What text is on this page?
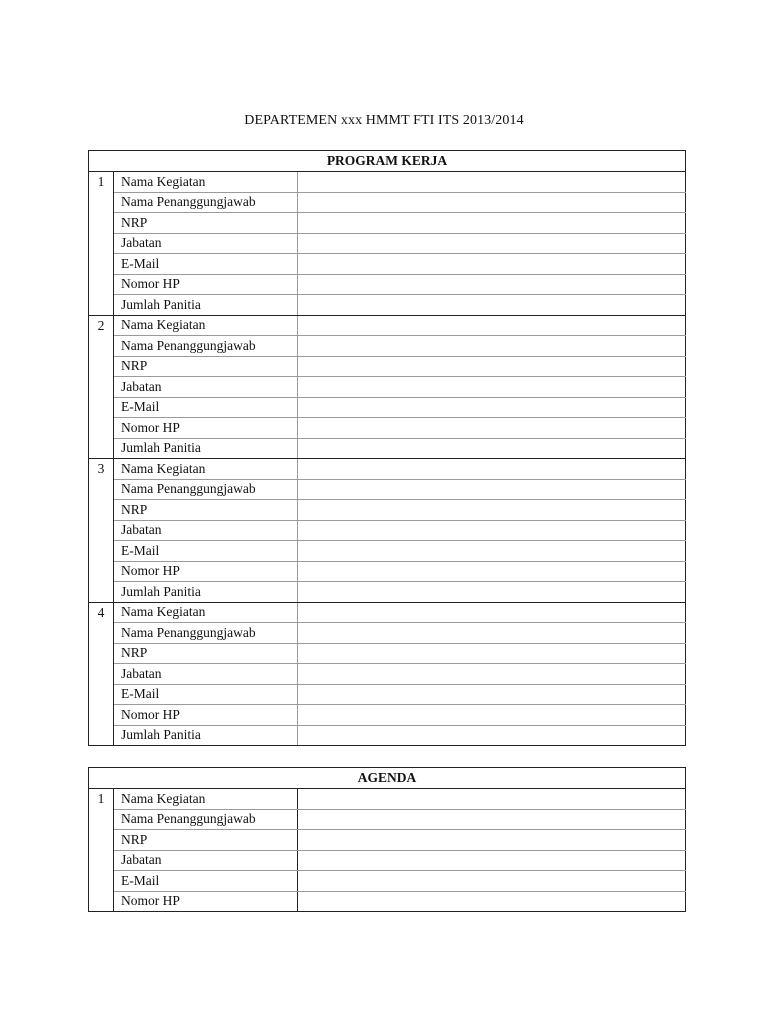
DEPARTEMEN xxx HMMT FTI ITS 2013/2014
PROGRAM KERJA		
1	Nama Kegiatan	
	Nama Penanggungjawab	
	NRP	
	Jabatan	
	E-Mail	
	Nomor HP	
	Jumlah Panitia	
2	Nama Kegiatan	
	Nama Penanggungjawab	
	NRP	
	Jabatan	
	E-Mail	
	Nomor HP	
	Jumlah Panitia	
3	Nama Kegiatan	
	Nama Penanggungjawab	
	NRP	
	Jabatan	
	E-Mail	
	Nomor HP	
	Jumlah Panitia	
4	Nama Kegiatan	
	Nama Penanggungjawab	
	NRP	
	Jabatan	
	E-Mail	
	Nomor HP	
	Jumlah Panitia	
AGENDA		
1	Nama Kegiatan	
	Nama Penanggungjawab	
	NRP	
	Jabatan	
	E-Mail	
	Nomor HP	
